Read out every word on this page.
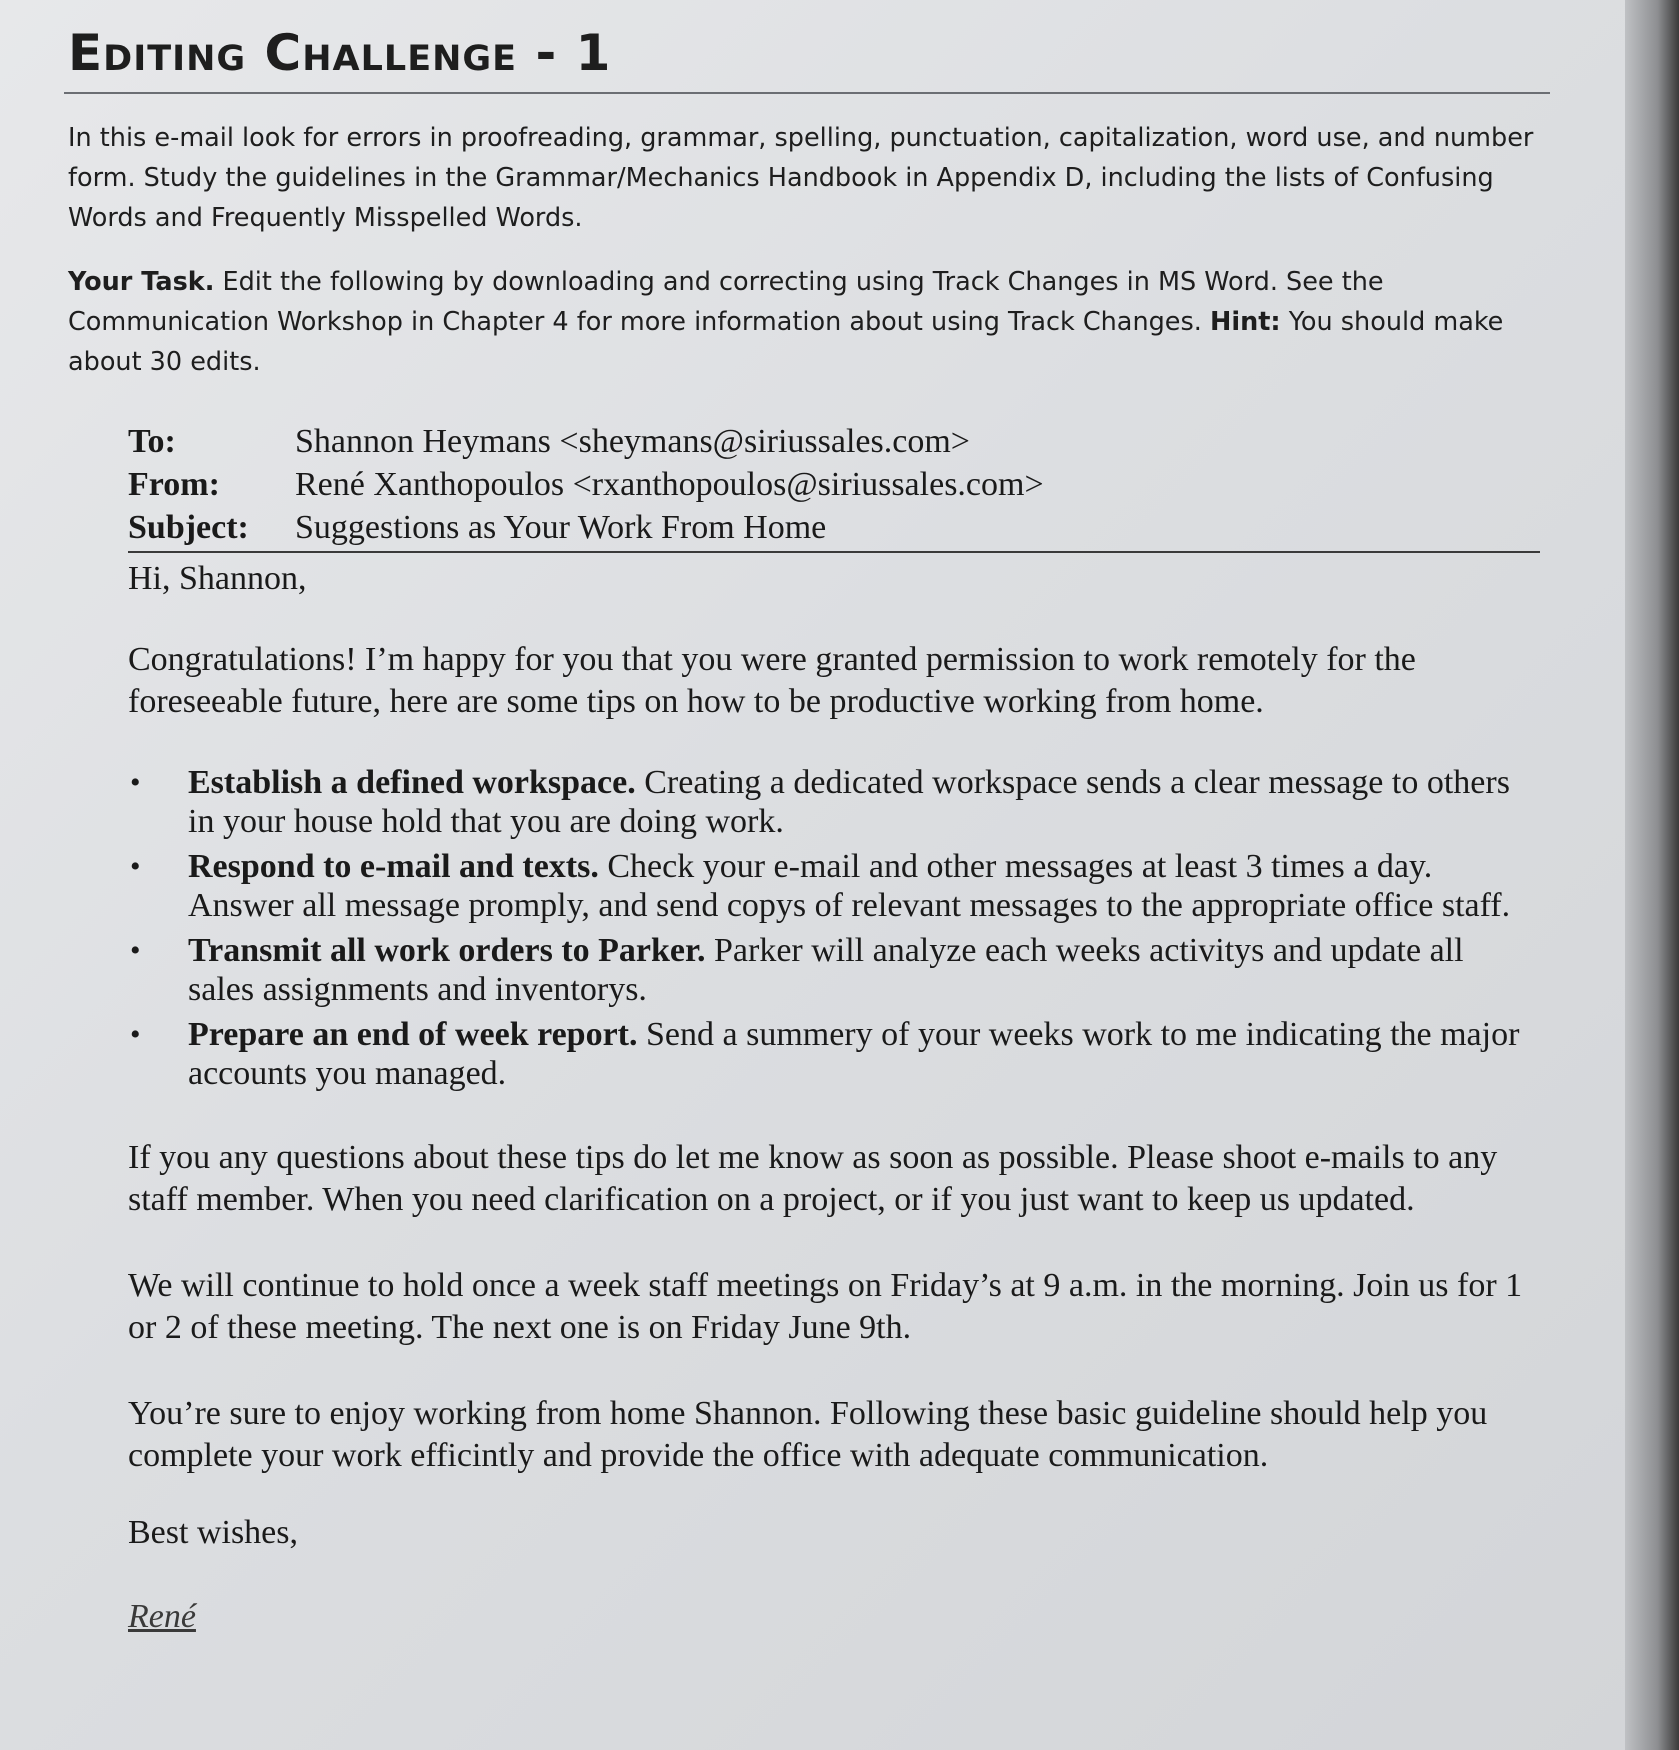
Editing Challenge - 1

In this e-mail look for errors in proofreading, grammar, spelling, punctuation, capitalization, word use, and number form. Study the guidelines in the Grammar/Mechanics Handbook in Appendix D, including the lists of Confusing Words and Frequently Misspelled Words.

Your Task. Edit the following by downloading and correcting using Track Changes in MS Word. See the Communication Workshop in Chapter 4 for more information about using Track Changes. Hint: You should make about 30 edits.

To:	Shannon Heymans <sheymans@siriussales.com>
From:	René Xanthopoulos <rxanthopoulos@siriussales.com>
Subject:	Suggestions as Your Work From Home

Hi, Shannon,

Congratulations! I’m happy for you that you were granted permission to work remotely for the foreseeable future, here are some tips on how to be productive working from home.

•	Establish a defined workspace. Creating a dedicated workspace sends a clear message to others in your house hold that you are doing work.
•	Respond to e-mail and texts. Check your e-mail and other messages at least 3 times a day. Answer all message promply, and send copys of relevant messages to the appropriate office staff.
•	Transmit all work orders to Parker. Parker will analyze each weeks activitys and update all sales assignments and inventorys.
•	Prepare an end of week report. Send a summery of your weeks work to me indicating the major accounts you managed.

If you any questions about these tips do let me know as soon as possible. Please shoot e-mails to any staff member. When you need clarification on a project, or if you just want to keep us updated.

We will continue to hold once a week staff meetings on Friday’s at 9 a.m. in the morning. Join us for 1 or 2 of these meeting. The next one is on Friday June 9th.

You’re sure to enjoy working from home Shannon. Following these basic guideline should help you complete your work efficintly and provide the office with adequate communication.

Best wishes,

René
